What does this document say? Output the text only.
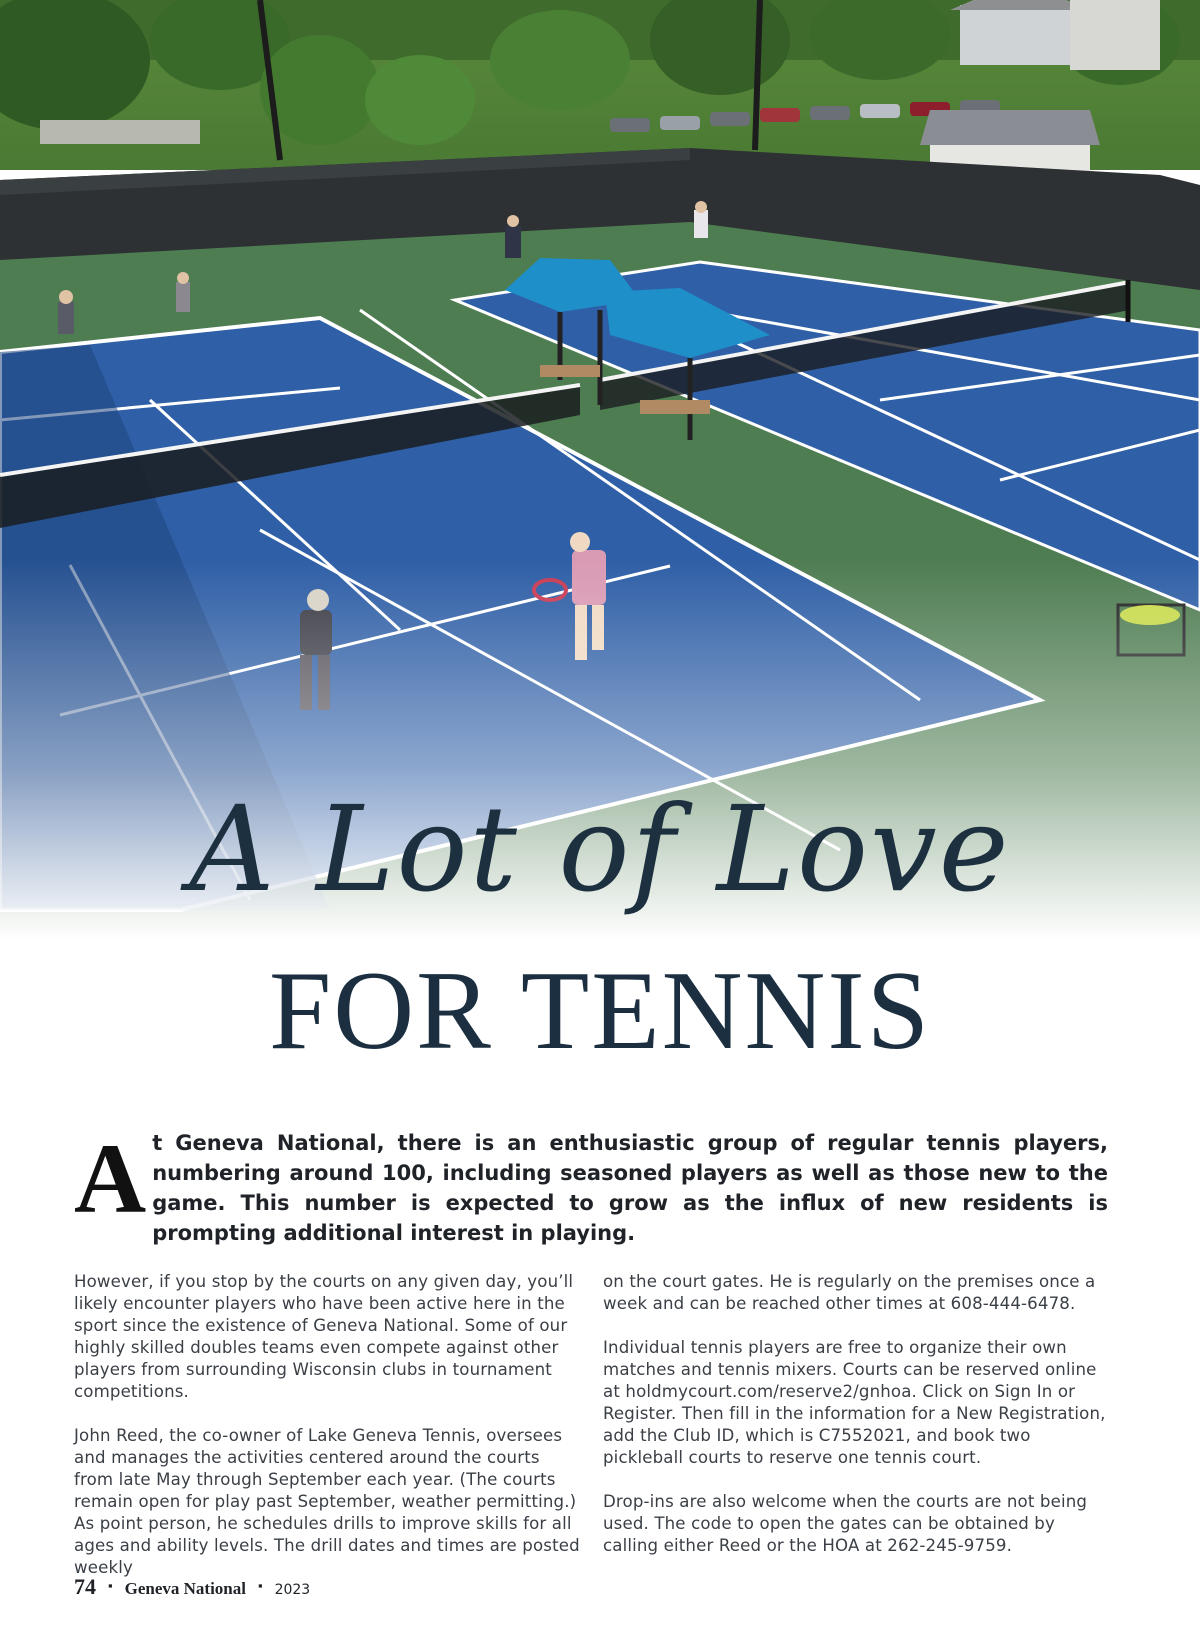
A Lot of Love
FOR TENNIS
A t Geneva National, there is an enthusiastic group of regular tennis players, numbering around 100, including seasoned players as well as those new to the game. This number is expected to grow as the influx of new residents is prompting additional interest in playing.

However, if you stop by the courts on any given day, you’ll likely encounter players who have been active here in the sport since the existence of Geneva National. Some of our highly skilled doubles teams even compete against other players from surrounding Wisconsin clubs in tournament competitions.

John Reed, the co-owner of Lake Geneva Tennis, oversees and manages the activities centered around the courts from late May through September each year. (The courts remain open for play past September, weather permitting.) As point person, he schedules drills to improve skills for all ages and ability levels. The drill dates and times are posted weekly

on the court gates. He is regularly on the premises once a week and can be reached other times at 608-444-6478.

Individual tennis players are free to organize their own matches and tennis mixers. Courts can be reserved online at holdmycourt.com/reserve2/gnhoa. Click on Sign In or Register. Then fill in the information for a New Registration, add the Club ID, which is C7552021, and book two pickleball courts to reserve one tennis court.

Drop-ins are also welcome when the courts are not being used. The code to open the gates can be obtained by calling either Reed or the HOA at 262-245-9759.

74 ▪ Geneva National ▪ 2023
